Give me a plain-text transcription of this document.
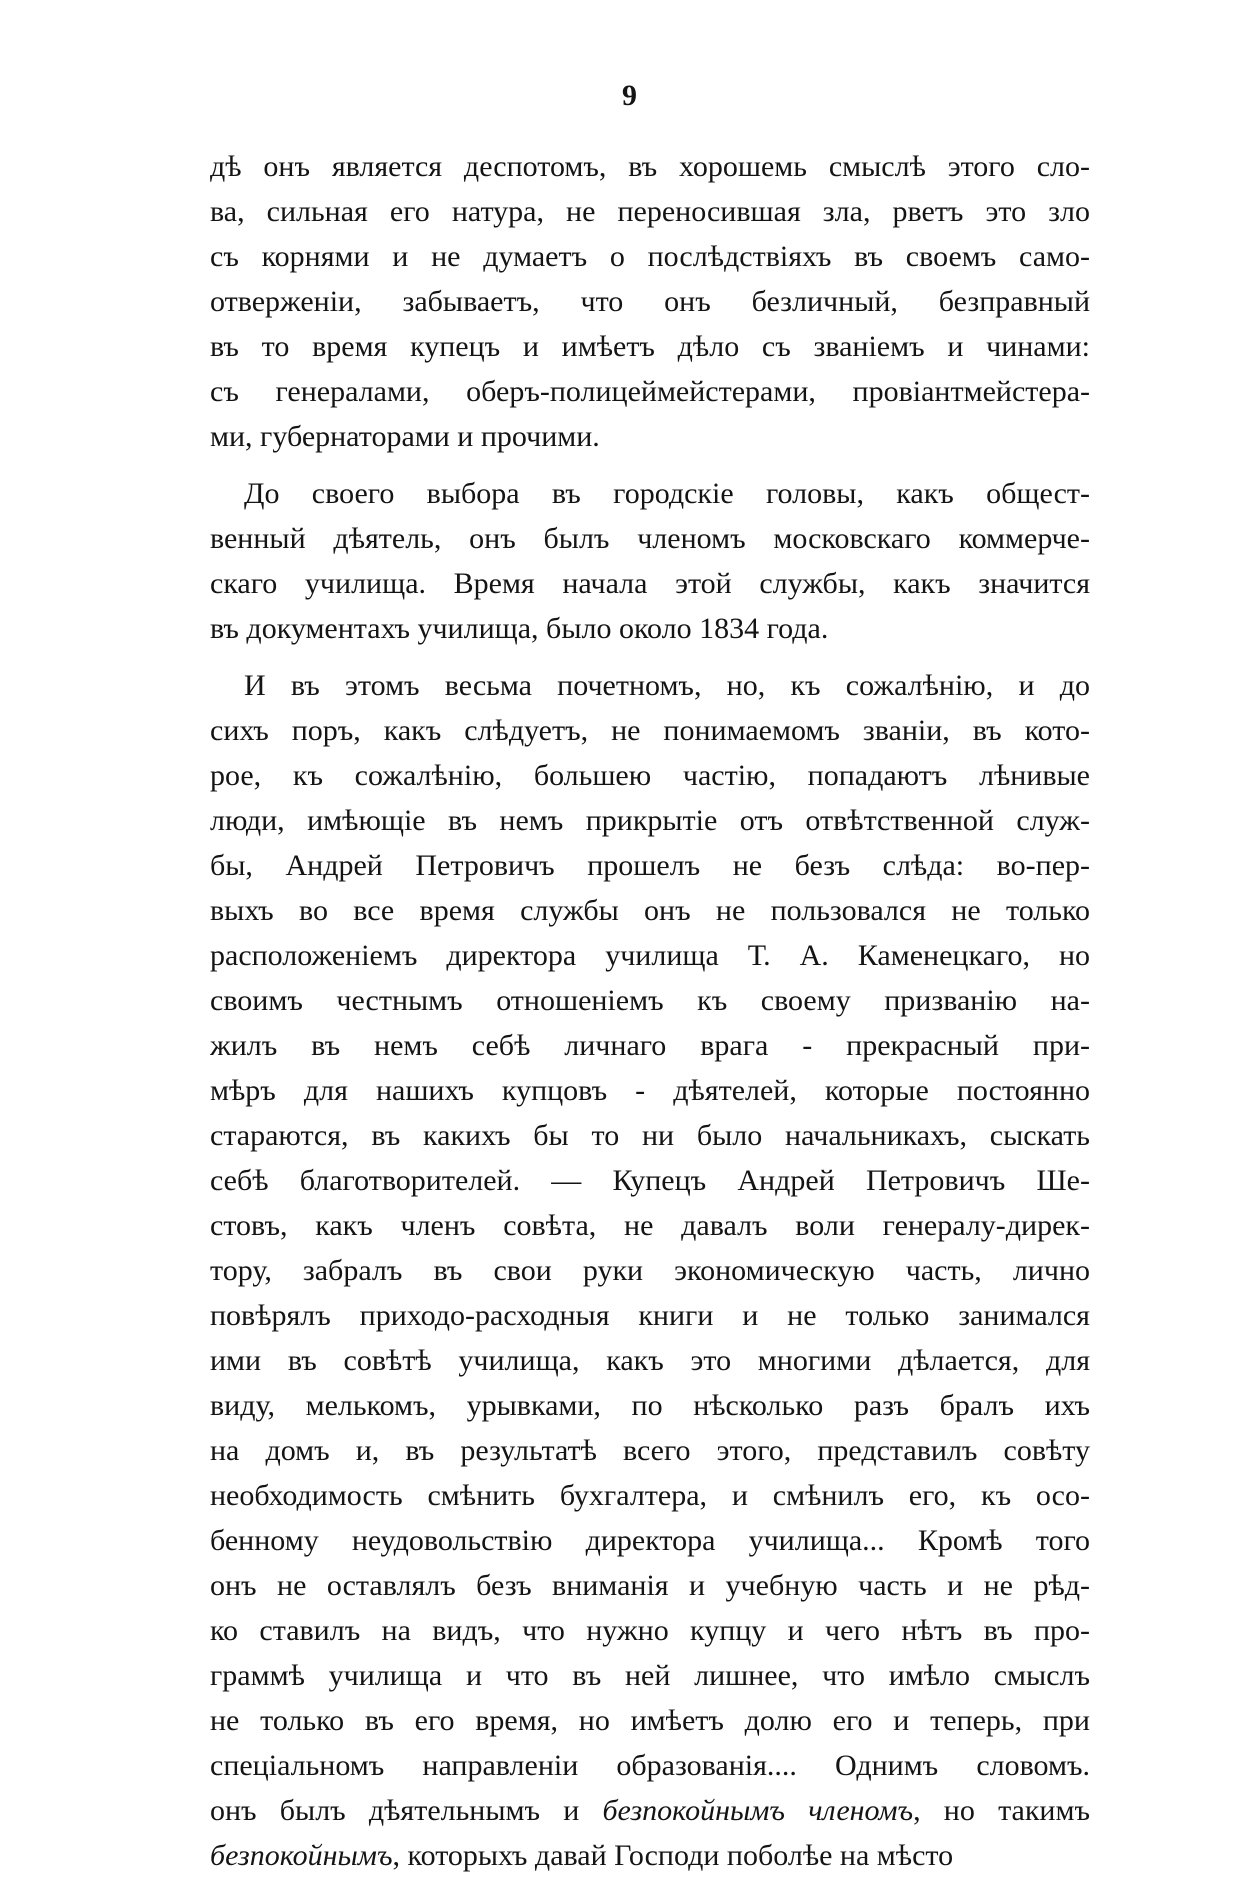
9
дѣ онъ является деспотомъ, въ хорошемь смыслѣ этого сло-
ва, сильная его натура, не переносившая зла, рветъ это зло
съ корнями и не думаетъ о послѣдствіяхъ въ своемъ само-
отверженіи, забываетъ, что онъ безличный, безправный
въ то время купецъ и имѣетъ дѣло съ званіемъ и чинами:
съ генералами, оберъ-полицеймейстерами, провіантмейстера-
ми, губернаторами и прочими.
До своего выбора въ городскіе головы, какъ общест-
венный дѣятель, онъ былъ членомъ московскаго коммерче-
скаго училища. Время начала этой службы, какъ значится
въ документахъ училища, было около 1834 года.
И въ этомъ весьма почетномъ, но, къ сожалѣнію, и до
сихъ поръ, какъ слѣдуетъ, не понимаемомъ званіи, въ кото-
рое, къ сожалѣнію, большею частію, попадаютъ лѣнивые
люди, имѣющіе въ немъ прикрытіе отъ отвѣтственной служ-
бы, Андрей Петровичъ прошелъ не безъ слѣда: во-пер-
выхъ во все время службы онъ не пользовался не только
расположеніемъ директора училища Т. А. Каменецкаго, но
своимъ честнымъ отношеніемъ къ своему призванію на-
жилъ въ немъ себѣ личнаго врага - прекрасный при-
мѣръ для нашихъ купцовъ - дѣятелей, которые постоянно
стараются, въ какихъ бы то ни было начальникахъ, сыскать
себѣ благотворителей. — Купецъ Андрей Петровичъ Ше-
стовъ, какъ членъ совѣта, не давалъ воли генералу-дирек-
тору, забралъ въ свои руки экономическую часть, лично
повѣрялъ приходо-расходныя книги и не только занимался
ими въ совѣтѣ училища, какъ это многими дѣлается, для
виду, мелькомъ, урывками, по нѣсколько разъ бралъ ихъ
на домъ и, въ результатѣ всего этого, представилъ совѣту
необходимость смѣнить бухгалтера, и смѣнилъ его, къ осо-
бенному неудовольствію директора училища... Кромѣ того
онъ не оставлялъ безъ вниманія и учебную часть и не рѣд-
ко ставилъ на видъ, что нужно купцу и чего нѣтъ въ про-
граммѣ училища и что въ ней лишнее, что имѣло смыслъ
не только въ его время, но имѣетъ долю его и теперь, при
спеціальномъ направленіи образованія.... Однимъ словомъ.
онъ былъ дѣятельнымъ и безпокойнымъ членомъ, но такимъ
безпокойнымъ, которыхъ давай Господи поболѣе на мѣсто
